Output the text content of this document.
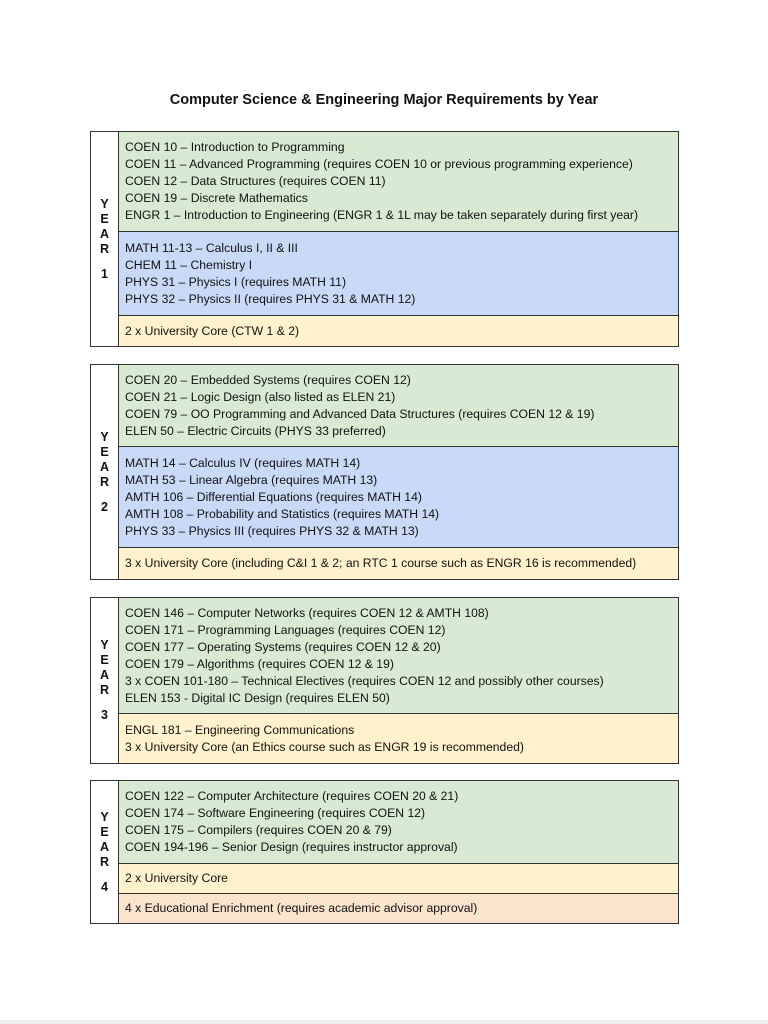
Computer Science & Engineering Major Requirements by Year
Y
E
A
R
1
COEN 10 – Introduction to Programming
COEN 11 – Advanced Programming (requires COEN 10 or previous programming experience)
COEN 12 – Data Structures (requires COEN 11)
COEN 19 – Discrete Mathematics
ENGR 1 – Introduction to Engineering (ENGR 1 & 1L may be taken separately during first year)
MATH 11-13 – Calculus I, II & III
CHEM 11 – Chemistry I
PHYS 31 – Physics I (requires MATH 11)
PHYS 32 – Physics II (requires PHYS 31 & MATH 12)
2 x University Core (CTW 1 & 2)
Y
E
A
R
2
COEN 20 – Embedded Systems (requires COEN 12)
COEN 21 – Logic Design (also listed as ELEN 21)
COEN 79 – OO Programming and Advanced Data Structures (requires COEN 12 & 19)
ELEN 50 – Electric Circuits (PHYS 33 preferred)
MATH 14 – Calculus IV (requires MATH 14)
MATH 53 – Linear Algebra (requires MATH 13)
AMTH 106 – Differential Equations (requires MATH 14)
AMTH 108 – Probability and Statistics (requires MATH 14)
PHYS 33 – Physics III (requires PHYS 32 & MATH 13)
3 x University Core (including C&I 1 & 2; an RTC 1 course such as ENGR 16 is recommended)
Y
E
A
R
3
COEN 146 – Computer Networks (requires COEN 12 & AMTH 108)
COEN 171 – Programming Languages (requires COEN 12)
COEN 177 – Operating Systems (requires COEN 12 & 20)
COEN 179 – Algorithms (requires COEN 12 & 19)
3 x COEN 101-180 – Technical Electives (requires COEN 12 and possibly other courses)
ELEN 153 - Digital IC Design (requires ELEN 50)
ENGL 181 – Engineering Communications
3 x University Core (an Ethics course such as ENGR 19 is recommended)
Y
E
A
R
4
COEN 122 – Computer Architecture (requires COEN 20 & 21)
COEN 174 – Software Engineering (requires COEN 12)
COEN 175 – Compilers (requires COEN 20 & 79)
COEN 194-196 – Senior Design (requires instructor approval)
2 x University Core
4 x Educational Enrichment (requires academic advisor approval)
